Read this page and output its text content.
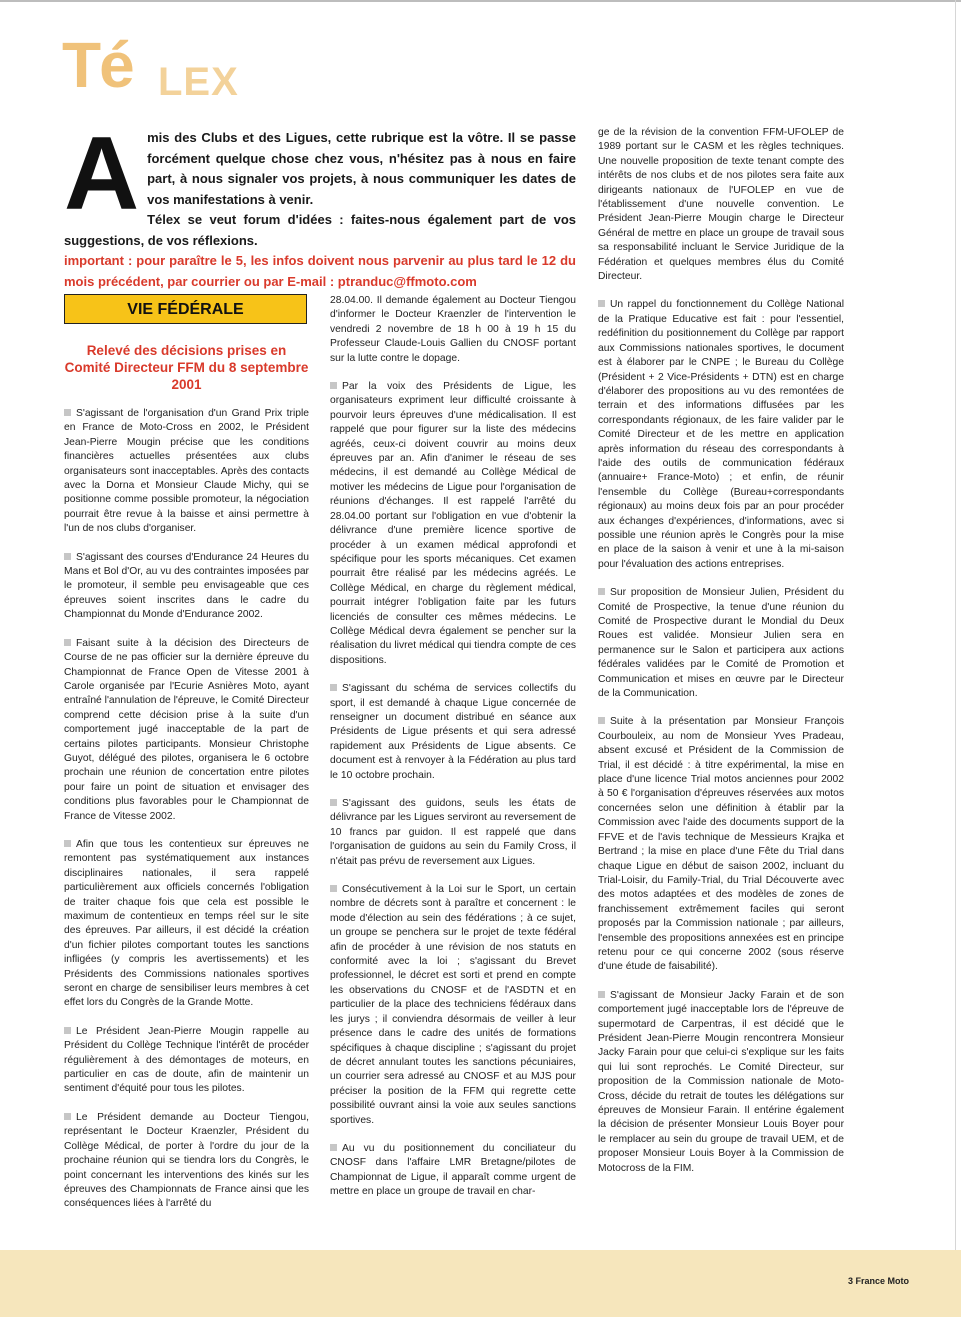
Té LEX
A mis des Clubs et des Ligues, cette rubrique est la vôtre. Il se passe forcément quelque chose chez vous, n'hésitez pas à nous en faire part, à nous signaler vos projets, à nous communiquer les dates de vos manifestations à venir.

Télex se veut forum d'idées : faites-nous également part de vos suggestions, de vos réflexions.

important : pour paraître le 5, les infos doivent nous parvenir au plus tard le 12 du mois précédent, par courrier ou par E-mail : ptranduc@ffmoto.com

VIE FÉDÉRALE
Relevé des décisions prises en Comité Directeur FFM du 8 septembre 2001

S'agissant de l'organisation d'un Grand Prix triple en France de Moto-Cross en 2002, le Président Jean-Pierre Mougin précise que les conditions financières actuelles présentées aux clubs organisateurs sont inacceptables. Après des contacts avec la Dorna et Monsieur Claude Michy, qui se positionne comme possible promoteur, la négociation pourrait être revue à la baisse et ainsi permettre à l'un de nos clubs d'organiser.

S'agissant des courses d'Endurance 24 Heures du Mans et Bol d'Or, au vu des contraintes imposées par le promoteur, il semble peu envisageable que ces épreuves soient inscrites dans le cadre du Championnat du Monde d'Endurance 2002.

Faisant suite à la décision des Directeurs de Course de ne pas officier sur la dernière épreuve du Championnat de France Open de Vitesse 2001 à Carole organisée par l'Ecurie Asnières Moto, ayant entraîné l'annulation de l'épreuve, le Comité Directeur comprend cette décision prise à la suite d'un comportement jugé inacceptable de la part de certains pilotes participants. Monsieur Christophe Guyot, délégué des pilotes, organisera le 6 octobre prochain une réunion de concertation entre pilotes pour faire un point de situation et envisager des conditions plus favorables pour le Championnat de France de Vitesse 2002.

Afin que tous les contentieux sur épreuves ne remontent pas systématiquement aux instances disciplinaires nationales, il sera rappelé particulièrement aux officiels concernés l'obligation de traiter chaque fois que cela est possible le maximum de contentieux en temps réel sur le site des épreuves. Par ailleurs, il est décidé la création d'un fichier pilotes comportant toutes les sanctions infligées (y compris les avertissements) et les Présidents des Commissions nationales sportives seront en charge de sensibiliser leurs membres à cet effet lors du Congrès de la Grande Motte.

Le Président Jean-Pierre Mougin rappelle au Président du Collège Technique l'intérêt de procéder régulièrement à des démontages de moteurs, en particulier en cas de doute, afin de maintenir un sentiment d'équité pour tous les pilotes.

Le Président demande au Docteur Tiengou, représentant le Docteur Kraenzler, Président du Collège Médical, de porter à l'ordre du jour de la prochaine réunion qui se tiendra lors du Congrès, le point concernant les interventions des kinés sur les épreuves des Championnats de France ainsi que les conséquences liées à l'arrêté du

28.04.00. Il demande également au Docteur Tiengou d'informer le Docteur Kraenzler de l'intervention le vendredi 2 novembre de 18 h 00 à 19 h 15 du Professeur Claude-Louis Gallien du CNOSF portant sur la lutte contre le dopage.

Par la voix des Présidents de Ligue, les organisateurs expriment leur difficulté croissante à pourvoir leurs épreuves d'une médicalisation. Il est rappelé que pour figurer sur la liste des médecins agréés, ceux-ci doivent couvrir au moins deux épreuves par an. Afin d'animer le réseau de ses médecins, il est demandé au Collège Médical de motiver les médecins de Ligue pour l'organisation de réunions d'échanges. Il est rappelé l'arrêté du 28.04.00 portant sur l'obligation en vue d'obtenir la délivrance d'une première licence sportive de procéder à un examen médical approfondi et spécifique pour les sports mécaniques. Cet examen pourrait être réalisé par les médecins agréés. Le Collège Médical, en charge du règlement médical, pourrait intégrer l'obligation faite par les futurs licenciés de consulter ces mêmes médecins. Le Collège Médical devra également se pencher sur la réalisation du livret médical qui tiendra compte de ces dispositions.

S'agissant du schéma de services collectifs du sport, il est demandé à chaque Ligue concernée de renseigner un document distribué en séance aux Présidents de Ligue présents et qui sera adressé rapidement aux Présidents de Ligue absents. Ce document est à renvoyer à la Fédération au plus tard le 10 octobre prochain.

S'agissant des guidons, seuls les états de délivrance par les Ligues serviront au reversement de 10 francs par guidon. Il est rappelé que dans l'organisation de guidons au sein du Family Cross, il n'était pas prévu de reversement aux Ligues.

Consécutivement à la Loi sur le Sport, un certain nombre de décrets sont à paraître et concernent : le mode d'élection au sein des fédérations ; à ce sujet, un groupe se penchera sur le projet de texte fédéral afin de procéder à une révision de nos statuts en conformité avec la loi ; s'agissant du Brevet professionnel, le décret est sorti et prend en compte les observations du CNOSF et de l'ASDTN et en particulier de la place des techniciens fédéraux dans les jurys ; il conviendra désormais de veiller à leur présence dans le cadre des unités de formations spécifiques à chaque discipline ; s'agissant du projet de décret annulant toutes les sanctions pécuniaires, un courrier sera adressé au CNOSF et au MJS pour préciser la position de la FFM qui regrette cette possibilité ouvrant ainsi la voie aux seules sanctions sportives.

Au vu du positionnement du conciliateur du CNOSF dans l'affaire LMR Bretagne/pilotes de Championnat de Ligue, il apparaît comme urgent de mettre en place un groupe de travail en char-

ge de la révision de la convention FFM-UFOLEP de 1989 portant sur le CASM et les règles techniques. Une nouvelle proposition de texte tenant compte des intérêts de nos clubs et de nos pilotes sera faite aux dirigeants nationaux de l'UFOLEP en vue de l'établissement d'une nouvelle convention. Le Président Jean-Pierre Mougin charge le Directeur Général de mettre en place un groupe de travail sous sa responsabilité incluant le Service Juridique de la Fédération et quelques membres élus du Comité Directeur.

Un rappel du fonctionnement du Collège National de la Pratique Educative est fait : pour l'essentiel, redéfinition du positionnement du Collège par rapport aux Commissions nationales sportives, le document est à élaborer par le CNPE ; le Bureau du Collège (Président + 2 Vice-Présidents + DTN) est en charge d'élaborer des propositions au vu des remontées de terrain et des informations diffusées par les correspondants régionaux, de les faire valider par le Comité Directeur et de les mettre en application après information du réseau des correspondants à l'aide des outils de communication fédéraux (annuaire+ France-Moto) ; et enfin, de réunir l'ensemble du Collège (Bureau+correspondants régionaux) au moins deux fois par an pour procéder aux échanges d'expériences, d'informations, avec si possible une réunion après le Congrès pour la mise en place de la saison à venir et une à la mi-saison pour l'évaluation des actions entreprises.

Sur proposition de Monsieur Julien, Président du Comité de Prospective, la tenue d'une réunion du Comité de Prospective durant le Mondial du Deux Roues est validée. Monsieur Julien sera en permanence sur le Salon et participera aux actions fédérales validées par le Comité de Promotion et Communication et mises en œuvre par le Directeur de la Communication.

Suite à la présentation par Monsieur François Courbouleix, au nom de Monsieur Yves Pradeau, absent excusé et Président de la Commission de Trial, il est décidé : à titre expérimental, la mise en place d'une licence Trial motos anciennes pour 2002 à 50 € l'organisation d'épreuves réservées aux motos concernées selon une définition à établir par la Commission avec l'aide des documents support de la FFVE et de l'avis technique de Messieurs Krajka et Bertrand ; la mise en place d'une Fête du Trial dans chaque Ligue en début de saison 2002, incluant du Trial-Loisir, du Family-Trial, du Trial Découverte avec des motos adaptées et des modèles de zones de franchissement extrêmement faciles qui seront proposés par la Commission nationale ; par ailleurs, l'ensemble des propositions annexées est en principe retenu pour ce qui concerne 2002 (sous réserve d'une étude de faisabilité).

S'agissant de Monsieur Jacky Farain et de son comportement jugé inacceptable lors de l'épreuve de supermotard de Carpentras, il est décidé que le Président Jean-Pierre Mougin rencontrera Monsieur Jacky Farain pour que celui-ci s'explique sur les faits qui lui sont reprochés. Le Comité Directeur, sur proposition de la Commission nationale de Moto-Cross, décide du retrait de toutes les délégations sur épreuves de Monsieur Farain. Il entérine également la décision de présenter Monsieur Louis Boyer pour le remplacer au sein du groupe de travail UEM, et de proposer Monsieur Louis Boyer à la Commission de Motocross de la FIM.

3 France Moto
